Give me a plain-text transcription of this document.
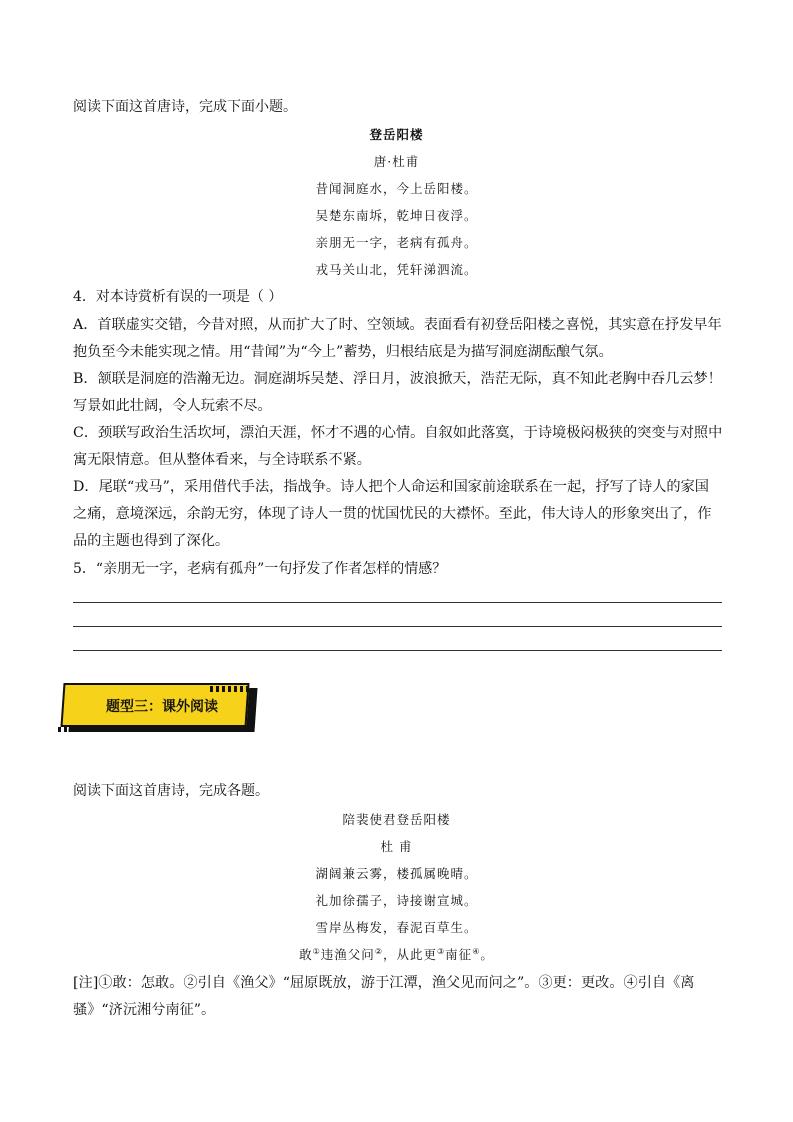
阅读下面这首唐诗，完成下面小题。
登岳阳楼
唐·杜甫
昔闻洞庭水，今上岳阳楼。
吴楚东南坼，乾坤日夜浮。
亲朋无一字，老病有孤舟。
戎马关山北，凭轩涕泗流。
4．对本诗赏析有误的一项是（ ）
A．首联虚实交错，今昔对照，从而扩大了时、空领域。表面看有初登岳阳楼之喜悦，其实意在抒发早年抱负至今未能实现之情。用“昔闻”为“今上”蓄势，归根结底是为描写洞庭湖酝酿气氛。
B．颔联是洞庭的浩瀚无边。洞庭湖坼吴楚、浮日月，波浪掀天，浩茫无际，真不知此老胸中吞几云梦！写景如此壮阔，令人玩索不尽。
C．颈联写政治生活坎坷，漂泊天涯，怀才不遇的心情。自叙如此落寞，于诗境极闷极狭的突变与对照中寓无限情意。但从整体看来，与全诗联系不紧。
D．尾联“戎马”，采用借代手法，指战争。诗人把个人命运和国家前途联系在一起，抒写了诗人的家国之痛，意境深远，余韵无穷，体现了诗人一贯的忧国忧民的大襟怀。至此，伟大诗人的形象突出了，作品的主题也得到了深化。
5．“亲朋无一字，老病有孤舟”一句抒发了作者怎样的情感？
题型三：课外阅读
阅读下面这首唐诗，完成各题。
陪裴使君登岳阳楼
杜 甫
湖阔兼云雾，楼孤属晚晴。
礼加徐孺子，诗接谢宣城。
雪岸丛梅发，春泥百草生。
敢①违渔父问②，从此更③南征④。
[注]①敢：怎敢。②引自《渔父》“屈原既放，游于江潭，渔父见而问之”。③更：更改。④引自《离骚》“济沅湘兮南征”。
